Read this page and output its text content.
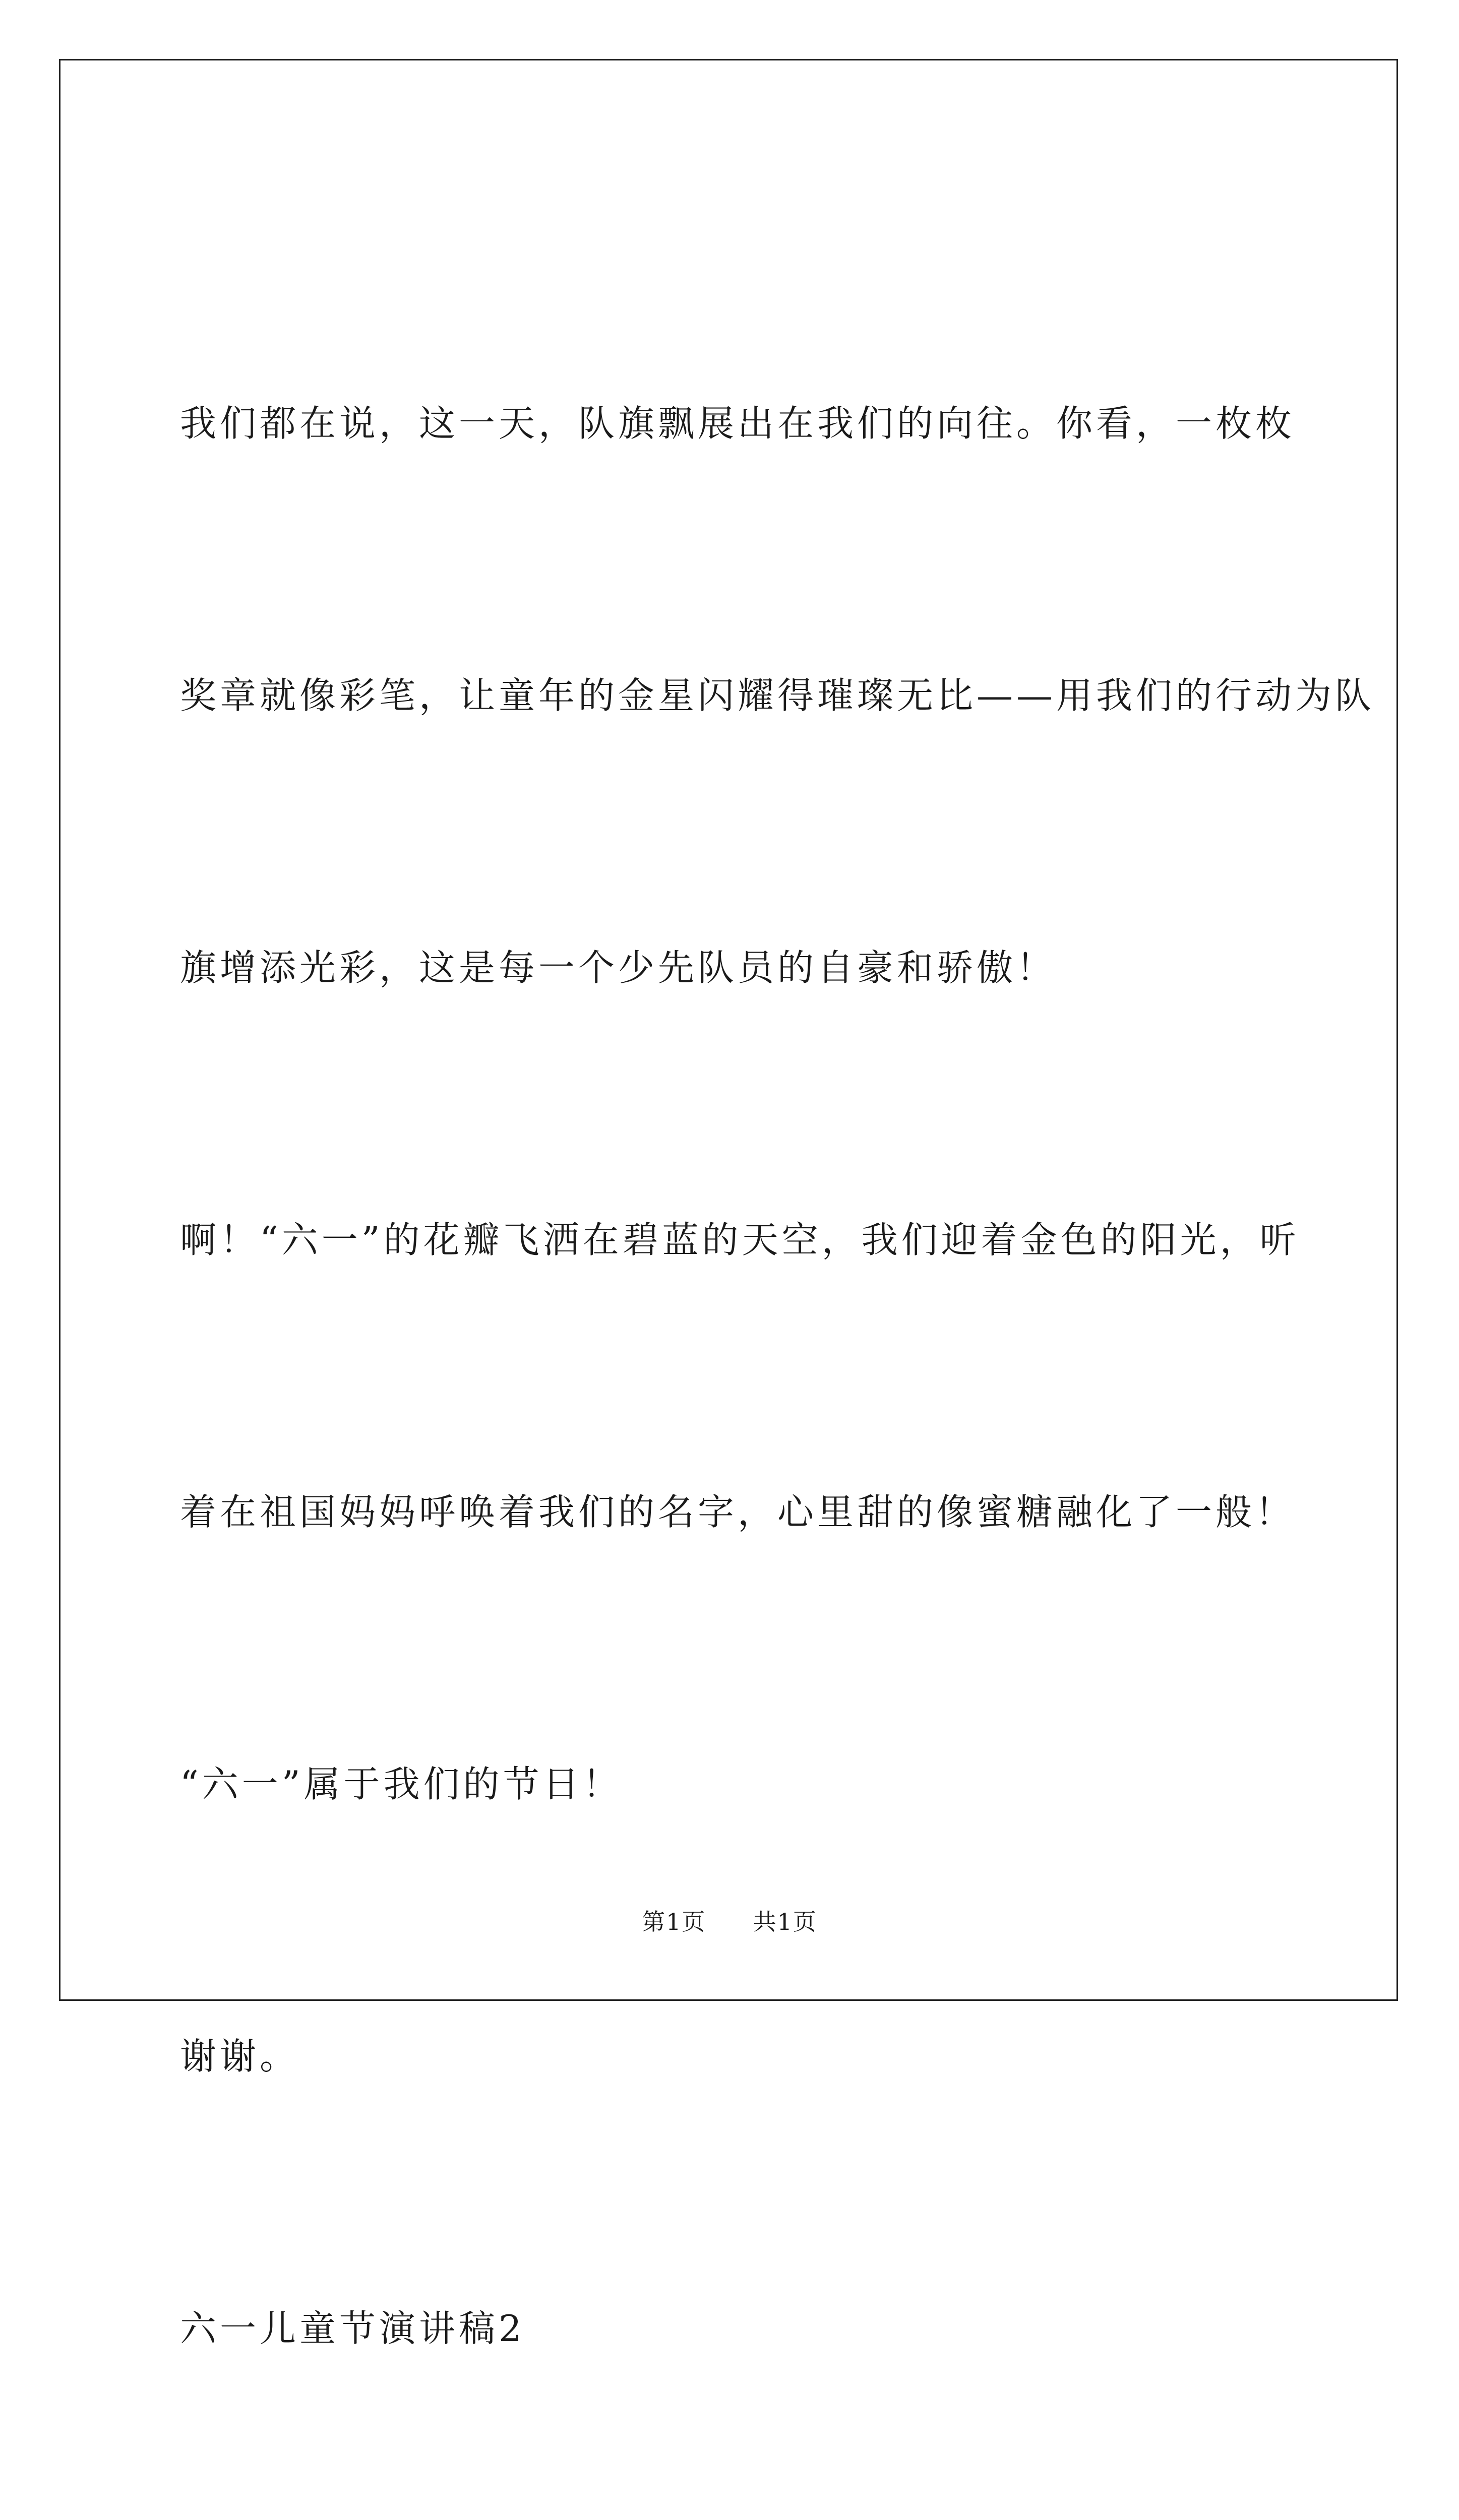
我们都在说，这一天，队旗飘展出在我们的向往。你看，一枚枚

奖章就像彩笔，让童年的金星闪耀得璀璨无比——用我们的行动为队

旗增添光彩，这是每一个少先队员的自豪和骄傲！

啊！“六一”的花瓣飞洒在碧蓝的天空，我们迎着金色的阳光，听

着在祖国妈妈呼唤着我们的名字，心里甜的像蜜糖融化了一般！

“六一”属于我们的节日！

谢谢。

六一儿童节演讲稿2

第1页 共1页
